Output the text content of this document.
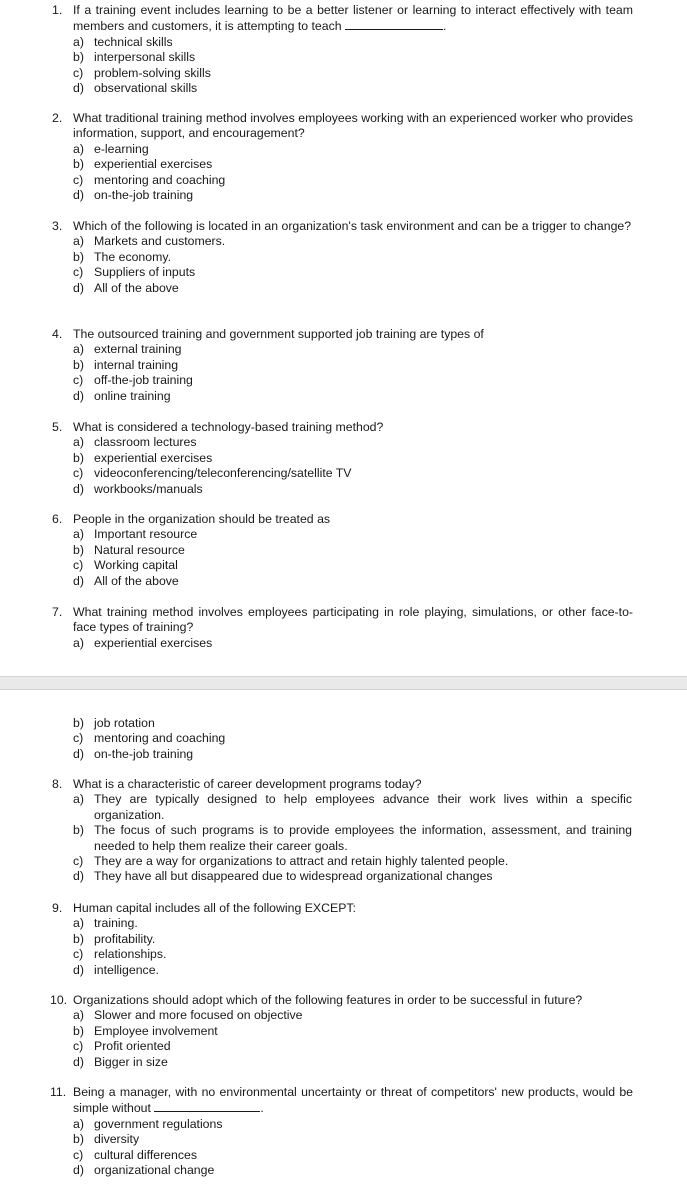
1. If a training event includes learning to be a better listener or learning to interact effectively with team members and customers, it is attempting to teach	.
a) technical skills
b) interpersonal skills
c) problem-solving skills
d) observational skills
2. What traditional training method involves employees working with an experienced worker who provides information, support, and encouragement?
a) e-learning
b) experiential exercises
c) mentoring and coaching
d) on-the-job training
3. Which of the following is located in an organization's task environment and can be a trigger to change?
a) Markets and customers.
b) The economy.
c) Suppliers of inputs
d) All of the above
4. The outsourced training and government supported job training are types of
a) external training
b) internal training
c) off-the-job training
d) online training
5. What is considered a technology-based training method?
a) classroom lectures
b) experiential exercises
c) videoconferencing/teleconferencing/satellite TV
d) workbooks/manuals
6. People in the organization should be treated as
a) Important resource
b) Natural resource
c) Working capital
d) All of the above
7. What training method involves employees participating in role playing, simulations, or other face-to-face types of training?
a) experiential exercises
b) job rotation
c) mentoring and coaching
d) on-the-job training
8. What is a characteristic of career development programs today?
a) They are typically designed to help employees advance their work lives within a specific organization.
b) The focus of such programs is to provide employees the information, assessment, and training needed to help them realize their career goals.
c) They are a way for organizations to attract and retain highly talented people.
d) They have all but disappeared due to widespread organizational changes
9. Human capital includes all of the following EXCEPT:
a) training.
b) profitability.
c) relationships.
d) intelligence.
10. Organizations should adopt which of the following features in order to be successful in future?
a) Slower and more focused on objective
b) Employee involvement
c) Profit oriented
d) Bigger in size
11. Being a manager, with no environmental uncertainty or threat of competitors' new products, would be simple without	.
a) government regulations
b) diversity
c) cultural differences
d) organizational change
